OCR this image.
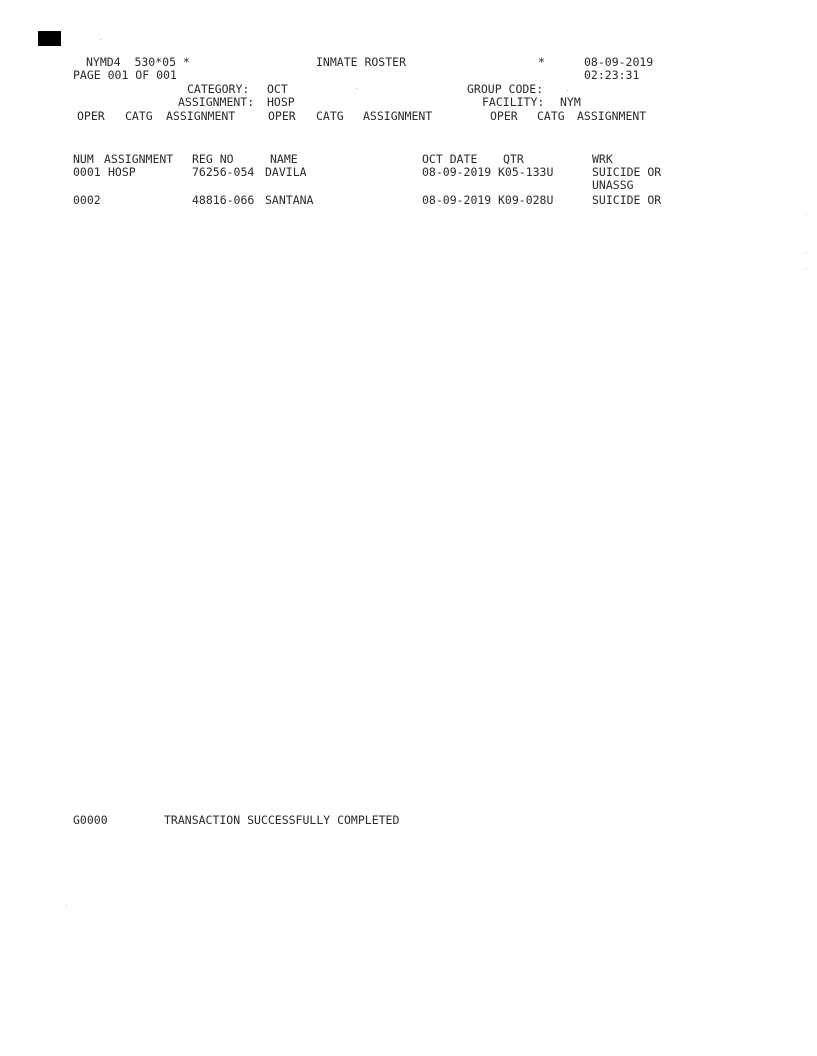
NYMD4  530*05 *	INMATE ROSTER	*	08-09-2019
PAGE 001 OF 001	02:23:31
CATEGORY: OCT	GROUP CODE:
ASSIGNMENT: HOSP	FACILITY: NYM
OPER CATG ASSIGNMENT	OPER CATG ASSIGNMENT	OPER CATG ASSIGNMENT
NUM ASSIGNMENT REG NO	NAME	OCT DATE QTR	WRK
0001 HOSP	76256-054 DAVILA	08-09-2019 K05-133U	SUICIDE OR
UNASSG
0002	48816-066 SANTANA	08-09-2019 K09-028U	SUICIDE OR
G0000	TRANSACTION SUCCESSFULLY COMPLETED
